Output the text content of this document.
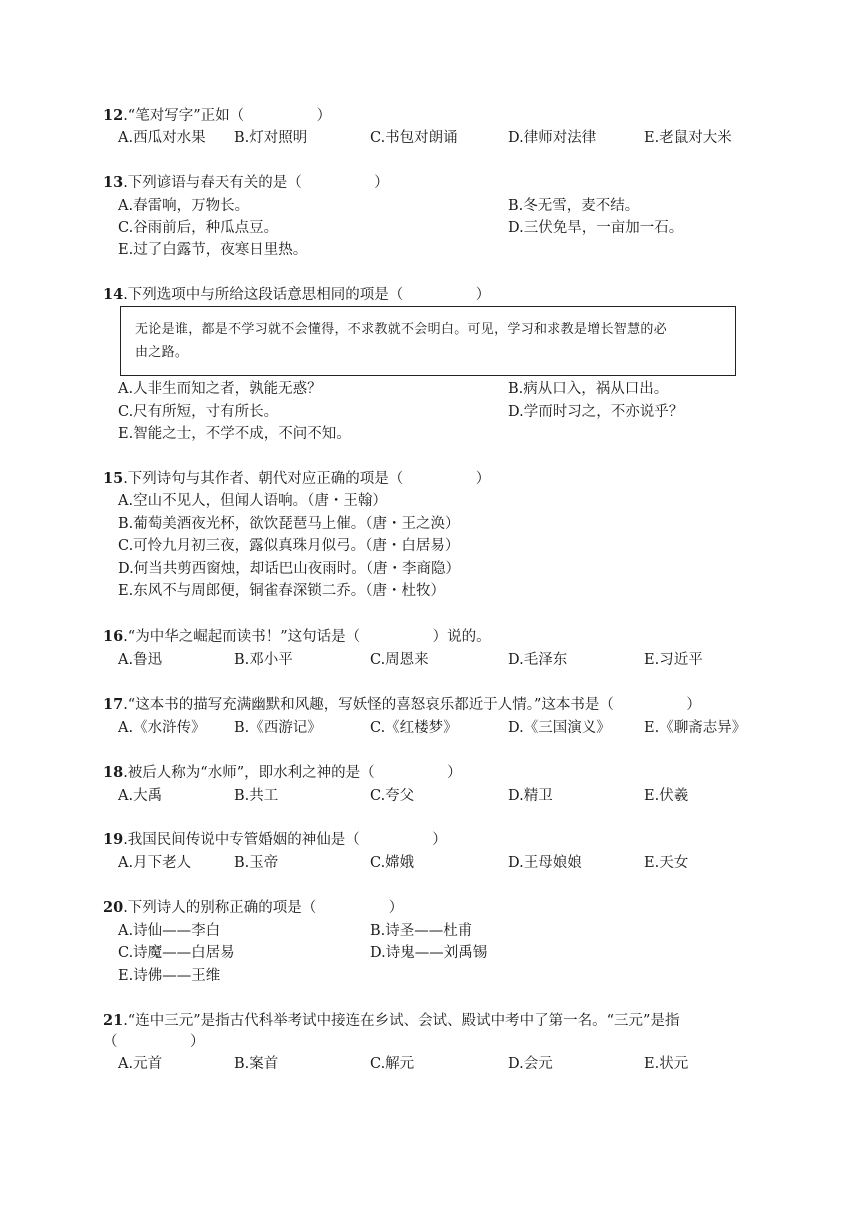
12.“笔对写字”正如（　　　　　）
A.西瓜对水果 B.灯对照明	C.书包对朗诵	D.律师对法律	E.老鼠对大米
13.下列谚语与春天有关的是（　　　　　）
A.春雷响，万物长。	B.冬无雪，麦不结。
C.谷雨前后，种瓜点豆。	D.三伏免旱，一亩加一石。
E.过了白露节，夜寒日里热。
14.下列选项中与所给这段话意思相同的项是（　　　　　）
无论是谁，都是不学习就不会懂得，不求教就不会明白。可见，学习和求教是增长智慧的必
由之路。
A.人非生而知之者，孰能无惑？	B.病从口入，祸从口出。
C.尺有所短，寸有所长。	D.学而时习之，不亦说乎？
E.智能之士，不学不成，不问不知。
15.下列诗句与其作者、朝代对应正确的项是（　　　　　）
A.空山不见人，但闻人语响。（唐・王翰）
B.葡萄美酒夜光杯，欲饮琵琶马上催。（唐・王之涣）
C.可怜九月初三夜，露似真珠月似弓。（唐・白居易）
D.何当共剪西窗烛，却话巴山夜雨时。（唐・李商隐）
E.东风不与周郎便，铜雀春深锁二乔。（唐・杜牧）
16.“为中华之崛起而读书！”这句话是（　　　　　）说的。
A.鲁迅	B.邓小平	C.周恩来	D.毛泽东	E.习近平
17.“这本书的描写充满幽默和风趣，写妖怪的喜怒哀乐都近于人情。”这本书是（　　　　　）
A.《水浒传》 B.《西游记》	C.《红楼梦》	D.《三国演义》 E.《聊斋志异》
18.被后人称为“水师”，即水利之神的是（　　　　　）
A.大禹	B.共工	C.夸父	D.精卫	E.伏羲
19.我国民间传说中专管婚姻的神仙是（　　　　　）
A.月下老人	B.玉帝	C.嫦娥	D.王母娘娘	E.天女
20.下列诗人的别称正确的项是（　　　　　）
A.诗仙——李白	B.诗圣——杜甫
C.诗魔——白居易	D.诗鬼——刘禹锡
E.诗佛——王维
21.“连中三元”是指古代科举考试中接连在乡试、会试、殿试中考中了第一名。“三元”是指
（　　　　　）
A.元首	B.案首	C.解元	D.会元	E.状元
